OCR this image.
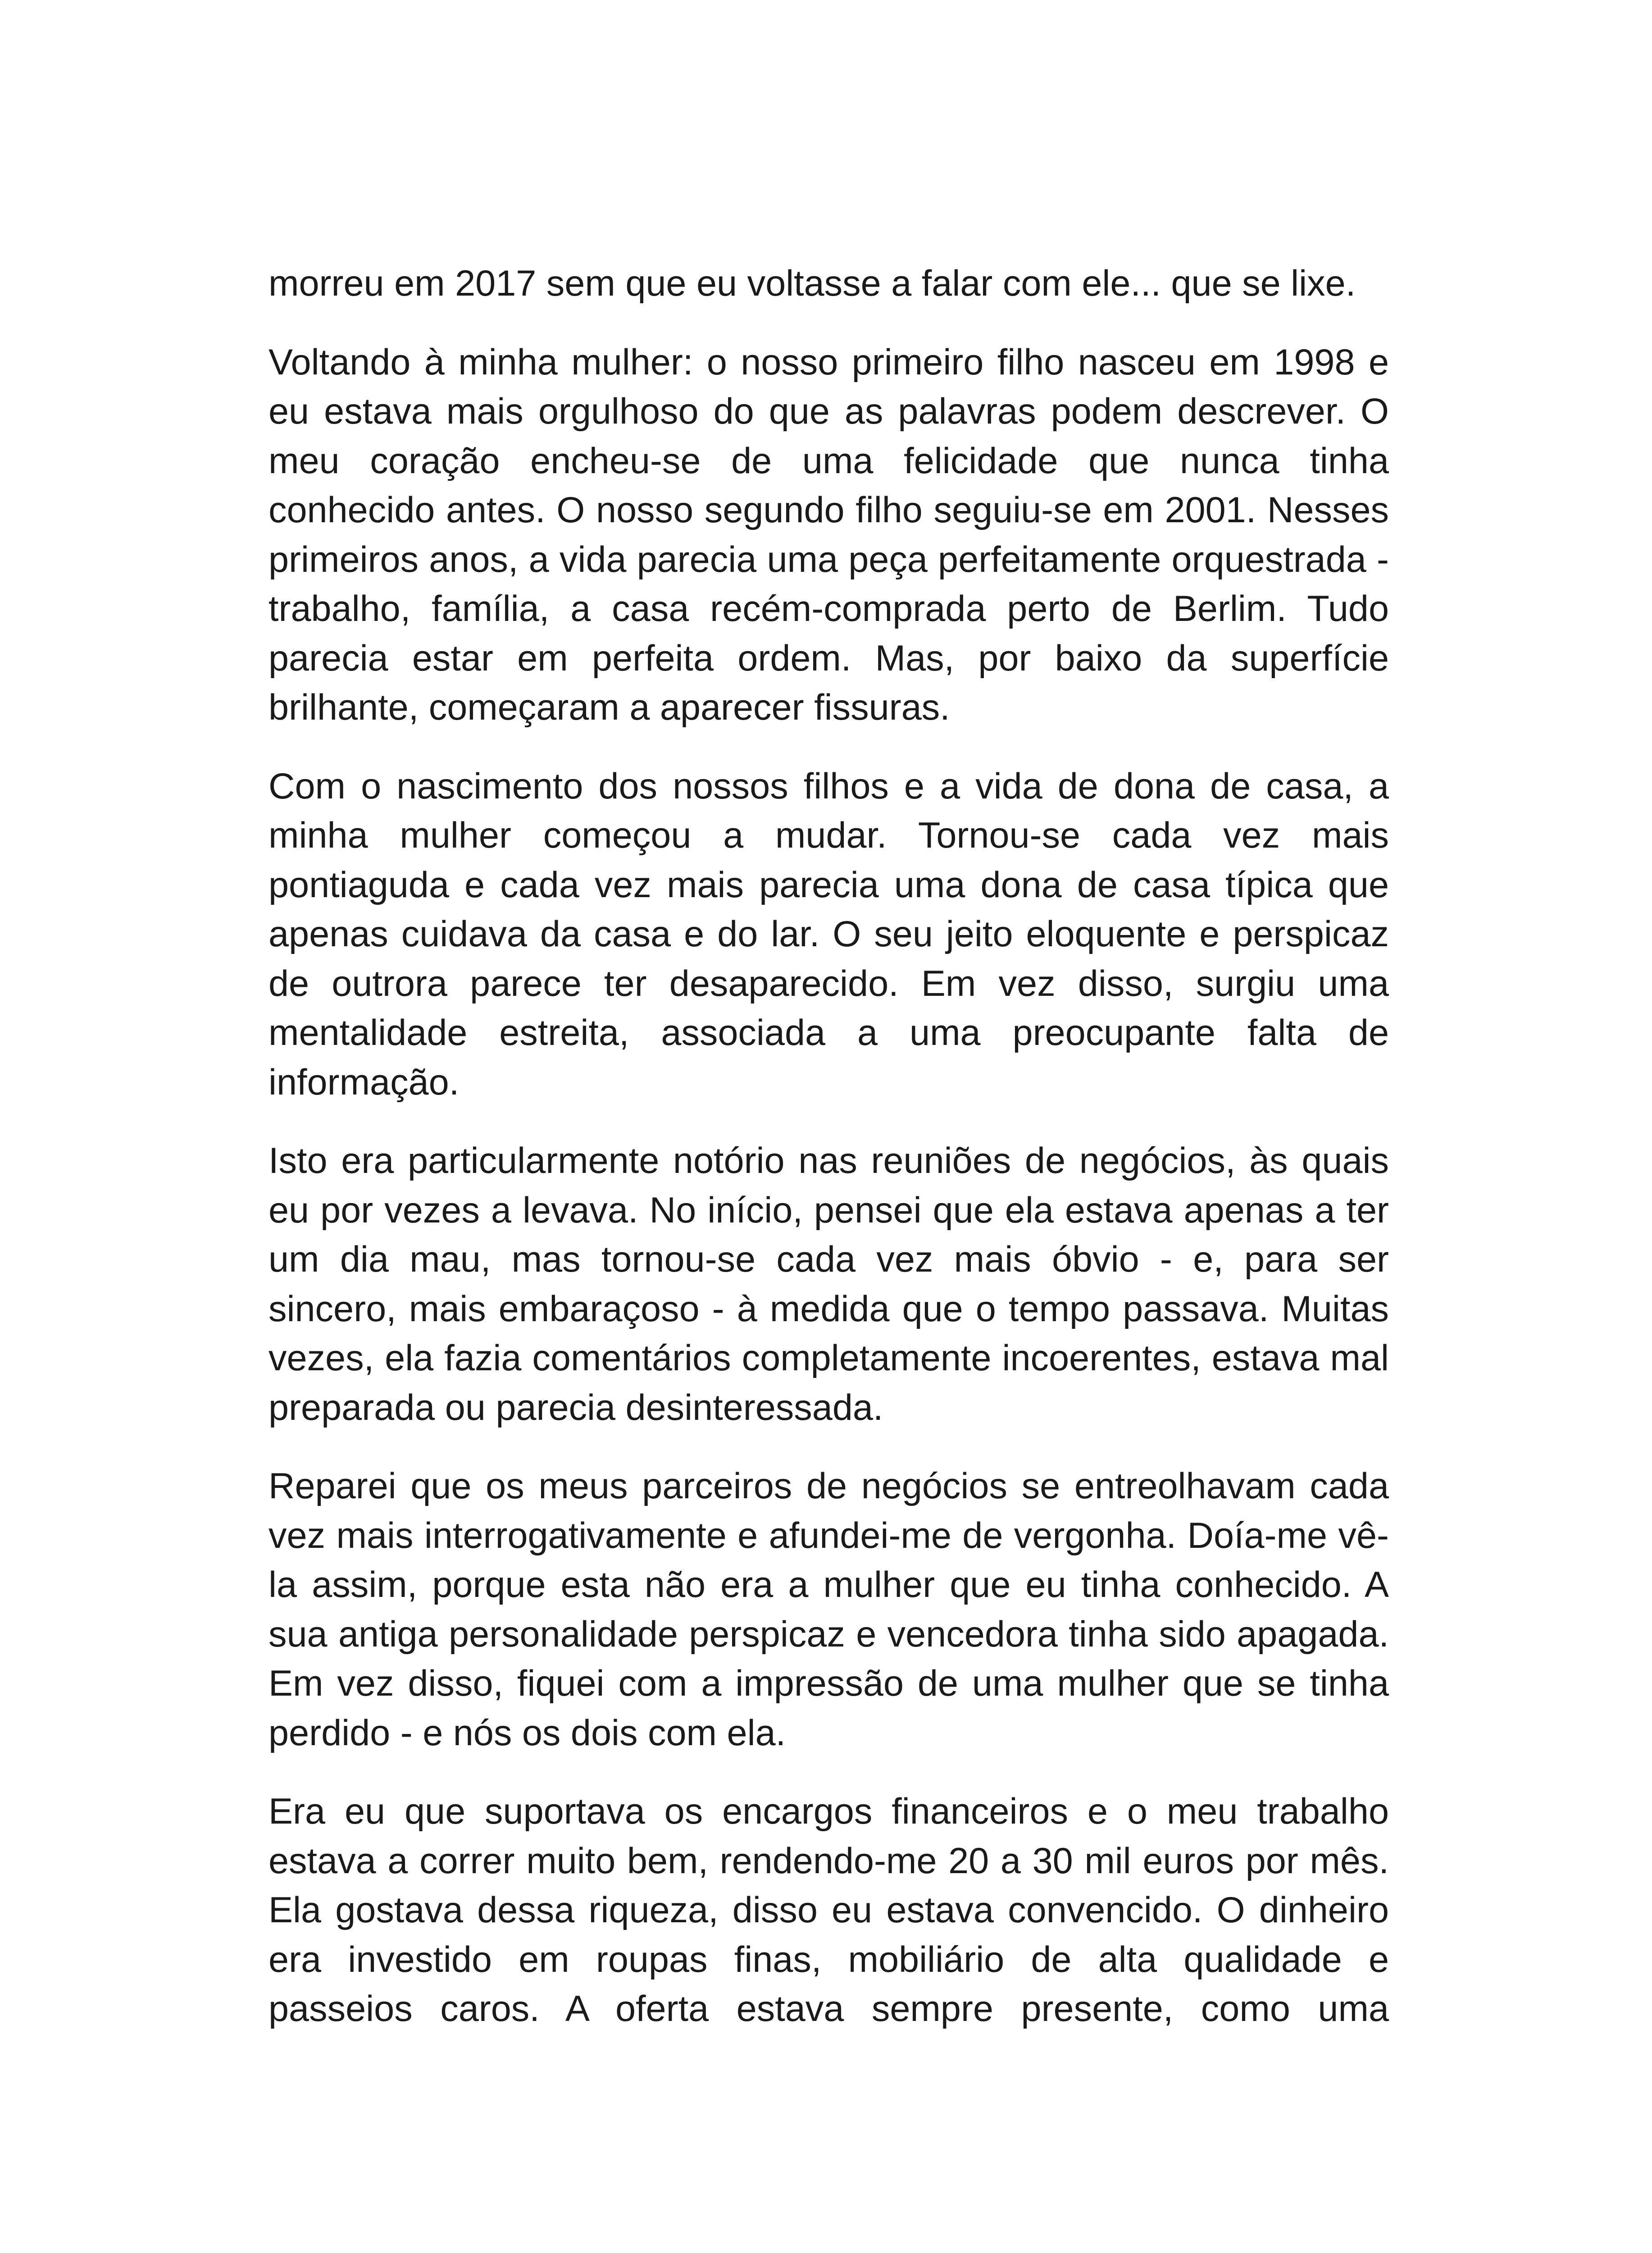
morreu em 2017 sem que eu voltasse a falar com ele... que se lixe.

Voltando à minha mulher: o nosso primeiro filho nasceu em 1998 e eu estava mais orgulhoso do que as palavras podem descrever. O meu coração encheu-se de uma felicidade que nunca tinha conhecido antes. O nosso segundo filho seguiu-se em 2001. Nesses primeiros anos, a vida parecia uma peça perfeitamente orquestrada - trabalho, família, a casa recém-comprada perto de Berlim. Tudo parecia estar em perfeita ordem. Mas, por baixo da superfície brilhante, começaram a aparecer fissuras.

Com o nascimento dos nossos filhos e a vida de dona de casa, a minha mulher começou a mudar. Tornou-se cada vez mais pontiaguda e cada vez mais parecia uma dona de casa típica que apenas cuidava da casa e do lar. O seu jeito eloquente e perspicaz de outrora parece ter desaparecido. Em vez disso, surgiu uma mentalidade estreita, associada a uma preocupante falta de informação.

Isto era particularmente notório nas reuniões de negócios, às quais eu por vezes a levava. No início, pensei que ela estava apenas a ter um dia mau, mas tornou-se cada vez mais óbvio - e, para ser sincero, mais embaraçoso - à medida que o tempo passava. Muitas vezes, ela fazia comentários completamente incoerentes, estava mal preparada ou parecia desinteressada.

Reparei que os meus parceiros de negócios se entreolhavam cada vez mais interrogativamente e afundei-me de vergonha. Doía-me vê-la assim, porque esta não era a mulher que eu tinha conhecido. A sua antiga personalidade perspicaz e vencedora tinha sido apagada. Em vez disso, fiquei com a impressão de uma mulher que se tinha perdido - e nós os dois com ela.

Era eu que suportava os encargos financeiros e o meu trabalho estava a correr muito bem, rendendo-me 20 a 30 mil euros por mês. Ela gostava dessa riqueza, disso eu estava convencido. O dinheiro era investido em roupas finas, mobiliário de alta qualidade e passeios caros. A oferta estava sempre presente, como uma
